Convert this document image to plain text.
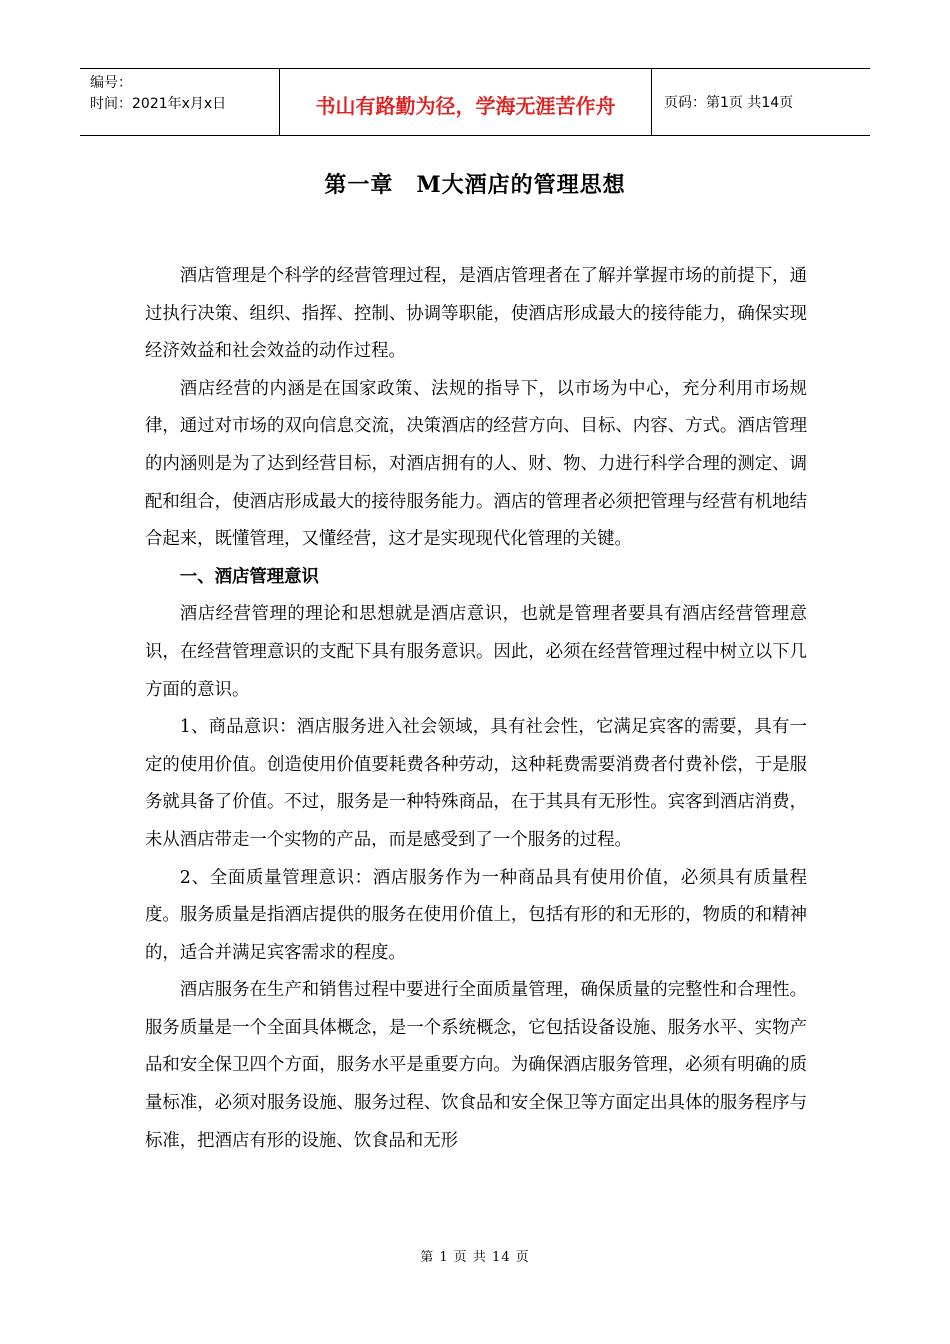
编号：
时间：2021年x月x日	书山有路勤为径，学海无涯苦作舟	页码：第1页 共14页
第一章　M大酒店的管理思想

酒店管理是个科学的经营管理过程，是酒店管理者在了解并掌握市场的前提下，通过执行决策、组织、指挥、控制、协调等职能，使酒店形成最大的接待能力，确保实现经济效益和社会效益的动作过程。

酒店经营的内涵是在国家政策、法规的指导下，以市场为中心，充分利用市场规律，通过对市场的双向信息交流，决策酒店的经营方向、目标、内容、方式。酒店管理的内涵则是为了达到经营目标，对酒店拥有的人、财、物、力进行科学合理的测定、调配和组合，使酒店形成最大的接待服务能力。酒店的管理者必须把管理与经营有机地结合起来，既懂管理，又懂经营，这才是实现现代化管理的关键。

一、酒店管理意识

酒店经营管理的理论和思想就是酒店意识，也就是管理者要具有酒店经营管理意识，在经营管理意识的支配下具有服务意识。因此，必须在经营管理过程中树立以下几方面的意识。

1、商品意识：酒店服务进入社会领域，具有社会性，它满足宾客的需要，具有一定的使用价值。创造使用价值要耗费各种劳动，这种耗费需要消费者付费补偿，于是服务就具备了价值。不过，服务是一种特殊商品，在于其具有无形性。宾客到酒店消费，未从酒店带走一个实物的产品，而是感受到了一个服务的过程。

2、全面质量管理意识：酒店服务作为一种商品具有使用价值，必须具有质量程度。服务质量是指酒店提供的服务在使用价值上，包括有形的和无形的，物质的和精神的，适合并满足宾客需求的程度。

酒店服务在生产和销售过程中要进行全面质量管理，确保质量的完整性和合理性。服务质量是一个全面具体概念，是一个系统概念，它包括设备设施、服务水平、实物产品和安全保卫四个方面，服务水平是重要方向。为确保酒店服务管理，必须有明确的质量标准，必须对服务设施、服务过程、饮食品和安全保卫等方面定出具体的服务程序与标准，把酒店有形的设施、饮食品和无形

第 1 页 共 14 页
